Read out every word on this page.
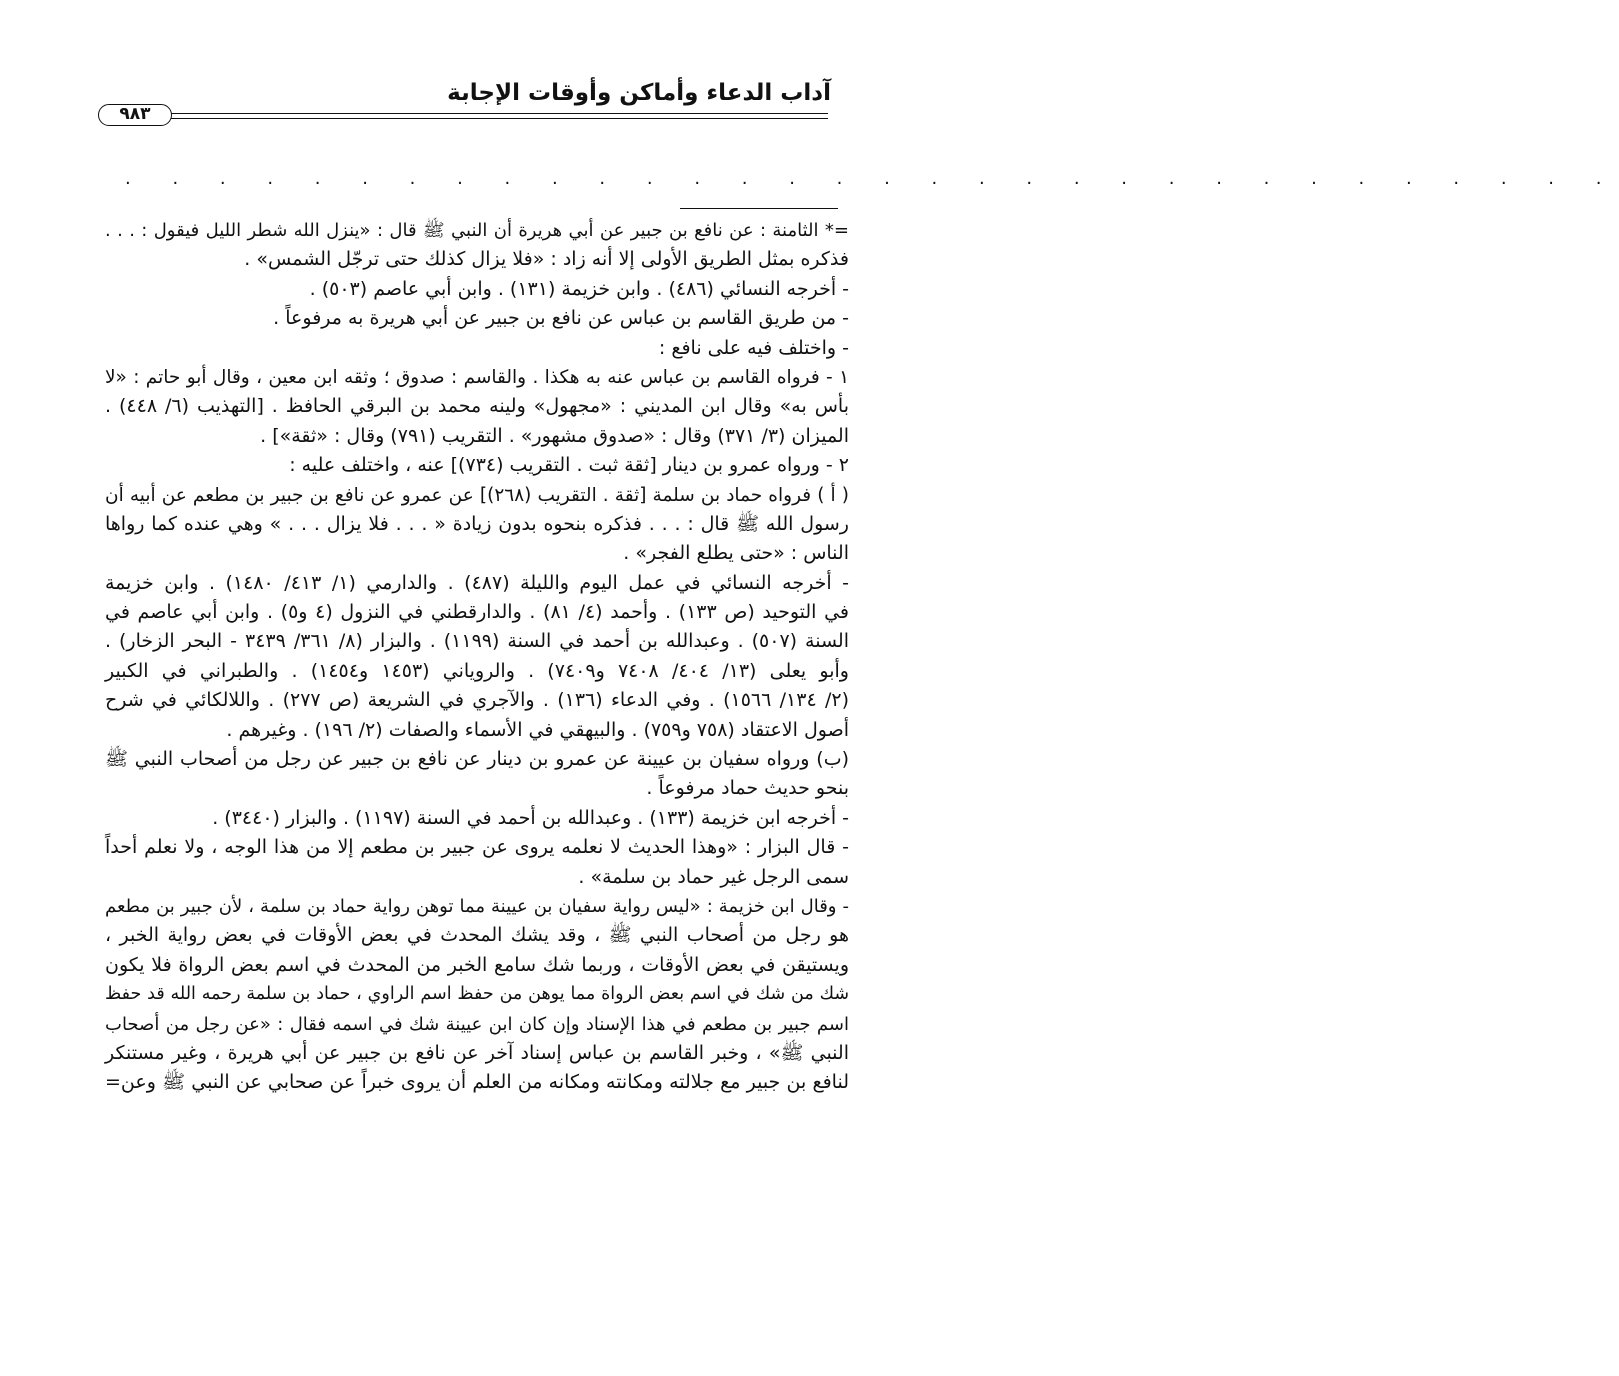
آداب الدعاء وأماكن وأوقات الإجابة
٩٨٣
. . . . . . . . . . . . . . . . . . . . . . . . . . . . . . . .
=* الثامنة : عن نافع بن جبير عن أبي هريرة أن النبي ﷺ قال : «ينزل الله شطر الليل فيقول : . . .
فذكره بمثل الطريق الأولى إلا أنه زاد : «فلا يزال كذلك حتى ترجّل الشمس» .
- أخرجه النسائي (٤٨٦) . وابن خزيمة (١٣١) . وابن أبي عاصم (٥٠٣) .
- من طريق القاسم بن عباس عن نافع بن جبير عن أبي هريرة به مرفوعاً .
- واختلف فيه على نافع :
١ - فرواه القاسم بن عباس عنه به هكذا . والقاسم : صدوق ؛ وثقه ابن معين ، وقال أبو حاتم : «لا
بأس به» وقال ابن المديني : «مجهول» ولينه محمد بن البرقي الحافظ . [التهذيب (٦/ ٤٤٨) .
الميزان (٣/ ٣٧١) وقال : «صدوق مشهور» . التقريب (٧٩١) وقال : «ثقة»] .
٢ - ورواه عمرو بن دينار [ثقة ثبت . التقريب (٧٣٤)] عنه ، واختلف عليه :
( أ ) فرواه حماد بن سلمة [ثقة . التقريب (٢٦٨)] عن عمرو عن نافع بن جبير بن مطعم عن أبيه أن
رسول الله ﷺ قال : . . . فذكره بنحوه بدون زيادة « . . . فلا يزال . . . » وهي عنده كما رواها
الناس : «حتى يطلع الفجر» .
- أخرجه النسائي في عمل اليوم والليلة (٤٨٧) . والدارمي (١/ ٤١٣/ ١٤٨٠) . وابن خزيمة
في التوحيد (ص ١٣٣) . وأحمد (٤/ ٨١) . والدارقطني في النزول (٤ و٥) . وابن أبي عاصم في
السنة (٥٠٧) . وعبدالله بن أحمد في السنة (١١٩٩) . والبزار (٨/ ٣٦١/ ٣٤٣٩ - البحر الزخار) .
وأبو يعلى (١٣/ ٤٠٤/ ٧٤٠٨ و٧٤٠٩) . والروياني (١٤٥٣ و١٤٥٤) . والطبراني في الكبير
(٢/ ١٣٤/ ١٥٦٦) . وفي الدعاء (١٣٦) . والآجري في الشريعة (ص ٢٧٧) . واللالكائي في شرح
أصول الاعتقاد (٧٥٨ و٧٥٩) . والبيهقي في الأسماء والصفات (٢/ ١٩٦) . وغيرهم .
(ب) ورواه سفيان بن عيينة عن عمرو بن دينار عن نافع بن جبير عن رجل من أصحاب النبي ﷺ
بنحو حديث حماد مرفوعاً .
- أخرجه ابن خزيمة (١٣٣) . وعبدالله بن أحمد في السنة (١١٩٧) . والبزار (٣٤٤٠) .
- قال البزار : «وهذا الحديث لا نعلمه يروى عن جبير بن مطعم إلا من هذا الوجه ، ولا نعلم أحداً
سمى الرجل غير حماد بن سلمة» .
- وقال ابن خزيمة : «ليس رواية سفيان بن عيينة مما توهن رواية حماد بن سلمة ، لأن جبير بن مطعم
هو رجل من أصحاب النبي ﷺ ، وقد يشك المحدث في بعض الأوقات في بعض رواية الخبر ،
ويستيقن في بعض الأوقات ، وربما شك سامع الخبر من المحدث في اسم بعض الرواة فلا يكون
شك من شك في اسم بعض الرواة مما يوهن من حفظ اسم الراوي ، حماد بن سلمة رحمه الله قد حفظ
اسم جبير بن مطعم في هذا الإسناد وإن كان ابن عيينة شك في اسمه فقال : «عن رجل من أصحاب
النبي ﷺ» ، وخبر القاسم بن عباس إسناد آخر عن نافع بن جبير عن أبي هريرة ، وغير مستنكر
لنافع بن جبير مع جلالته ومكانته ومكانه من العلم أن يروى خبراً عن صحابي عن النبي ﷺ وعن=
